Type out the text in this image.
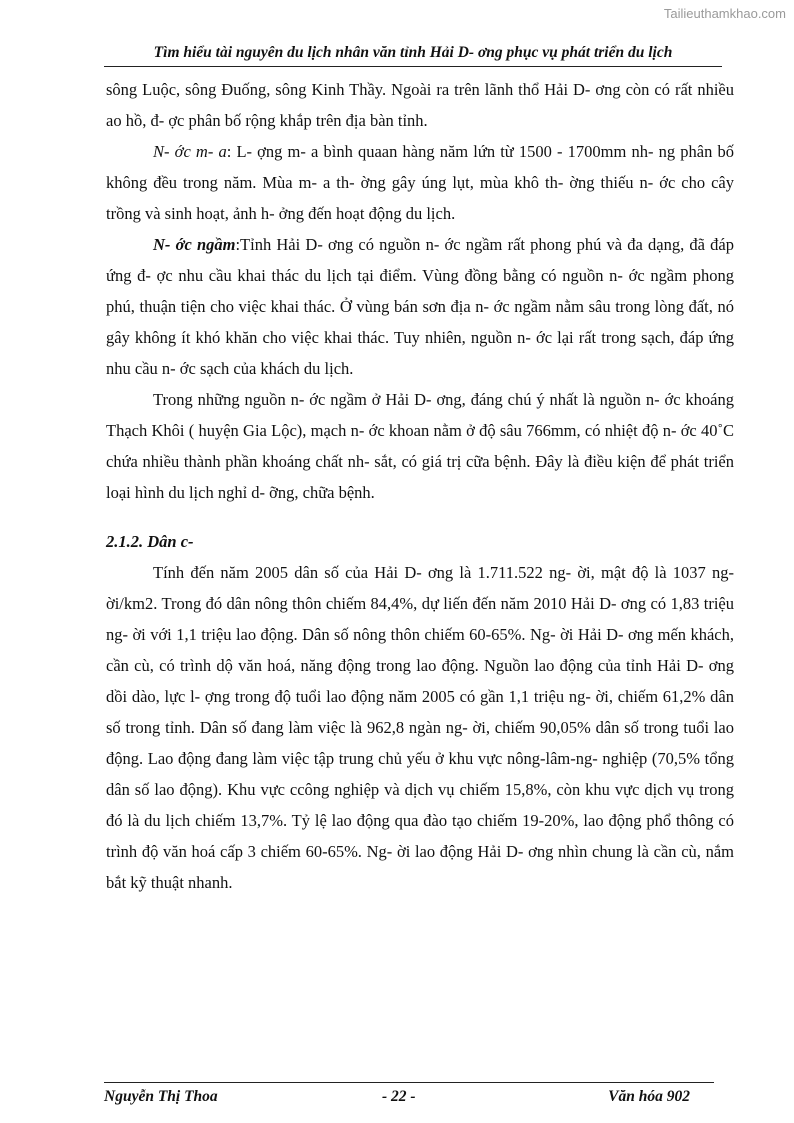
Tailieuthamkhao.com
Tìm hiểu tài nguyên du lịch nhân văn tỉnh Hải D- ơng phục vụ phát triển du lịch

sông Luộc, sông Đuống, sông Kinh Thầy. Ngoài ra trên lãnh thổ Hải D- ơng còn có rất nhiều ao hồ, đ- ợc phân bố rộng khắp trên địa bàn tỉnh.

N- ớc m- a: L- ợng m- a bình quaan hàng năm lứn từ 1500 - 1700mm nh- ng phân bố không đều trong năm. Mùa m- a th- ờng gây úng lụt, mùa khô th- ờng thiếu n- ớc cho cây trồng và sinh hoạt, ảnh h- ởng đến hoạt động du lịch.

N- ớc ngầm:Tỉnh Hải D- ơng có nguồn n- ớc ngầm rất phong phú và đa dạng, đã đáp ứng đ- ợc nhu cầu khai thác du lịch tại điểm. Vùng đồng bằng có nguồn n- ớc ngầm phong phú, thuận tiện cho việc khai thác. Ở vùng bán sơn địa n- ớc ngầm nằm sâu trong lòng đất, nó gây không ít khó khăn cho việc khai thác. Tuy nhiên, nguồn n- ớc lại rất trong sạch, đáp ứng nhu cầu n- ớc sạch của khách du lịch.

Trong những nguồn n- ớc ngầm ở Hải D- ơng, đáng chú ý nhất là nguồn n- ớc khoáng Thạch Khôi ( huyện Gia Lộc), mạch n- ớc khoan nằm ở độ sâu 766mm, có nhiệt độ n- ớc 40˚C chứa nhiều thành phần khoáng chất nh- sắt, có giá trị cữa bệnh. Đây là điều kiện để phát triển loại hình du lịch nghỉ d- ỡng, chữa bệnh.

2.1.2. Dân c-

Tính đến năm 2005 dân số của Hải D- ơng là 1.711.522 ng- ời, mật độ là 1037 ng- ời/km2. Trong đó dân nông thôn chiếm 84,4%, dự liến đến năm 2010 Hải D- ơng có 1,83 triệu ng- ời với 1,1 triệu lao động. Dân số nông thôn chiếm 60-65%. Ng- ời Hải D- ơng mến khách, cần cù, có trình dộ văn hoá, năng động trong lao động. Nguồn lao động của tỉnh Hải D- ơng dồi dào, lực l- ợng trong độ tuổi lao động năm 2005 có gần 1,1 triệu ng- ời, chiếm 61,2% dân số trong tỉnh. Dân số đang làm việc là 962,8 ngàn ng- ời, chiếm 90,05% dân số trong tuổi lao động. Lao động đang làm việc tập trung chủ yếu ở khu vực nông-lâm-ng- nghiệp (70,5% tổng dân số lao động). Khu vực ccông nghiệp và dịch vụ chiếm 15,8%, còn khu vực dịch vụ trong đó là du lịch chiếm 13,7%. Tỷ lệ lao động qua đào tạo chiếm 19-20%, lao động phổ thông có trình độ văn hoá cấp 3 chiếm 60-65%. Ng- ời lao động Hải D- ơng nhìn chung là cần cù, nắm bắt kỹ thuật nhanh.

Nguyễn Thị Thoa	- 22 -	Văn hóa 902
